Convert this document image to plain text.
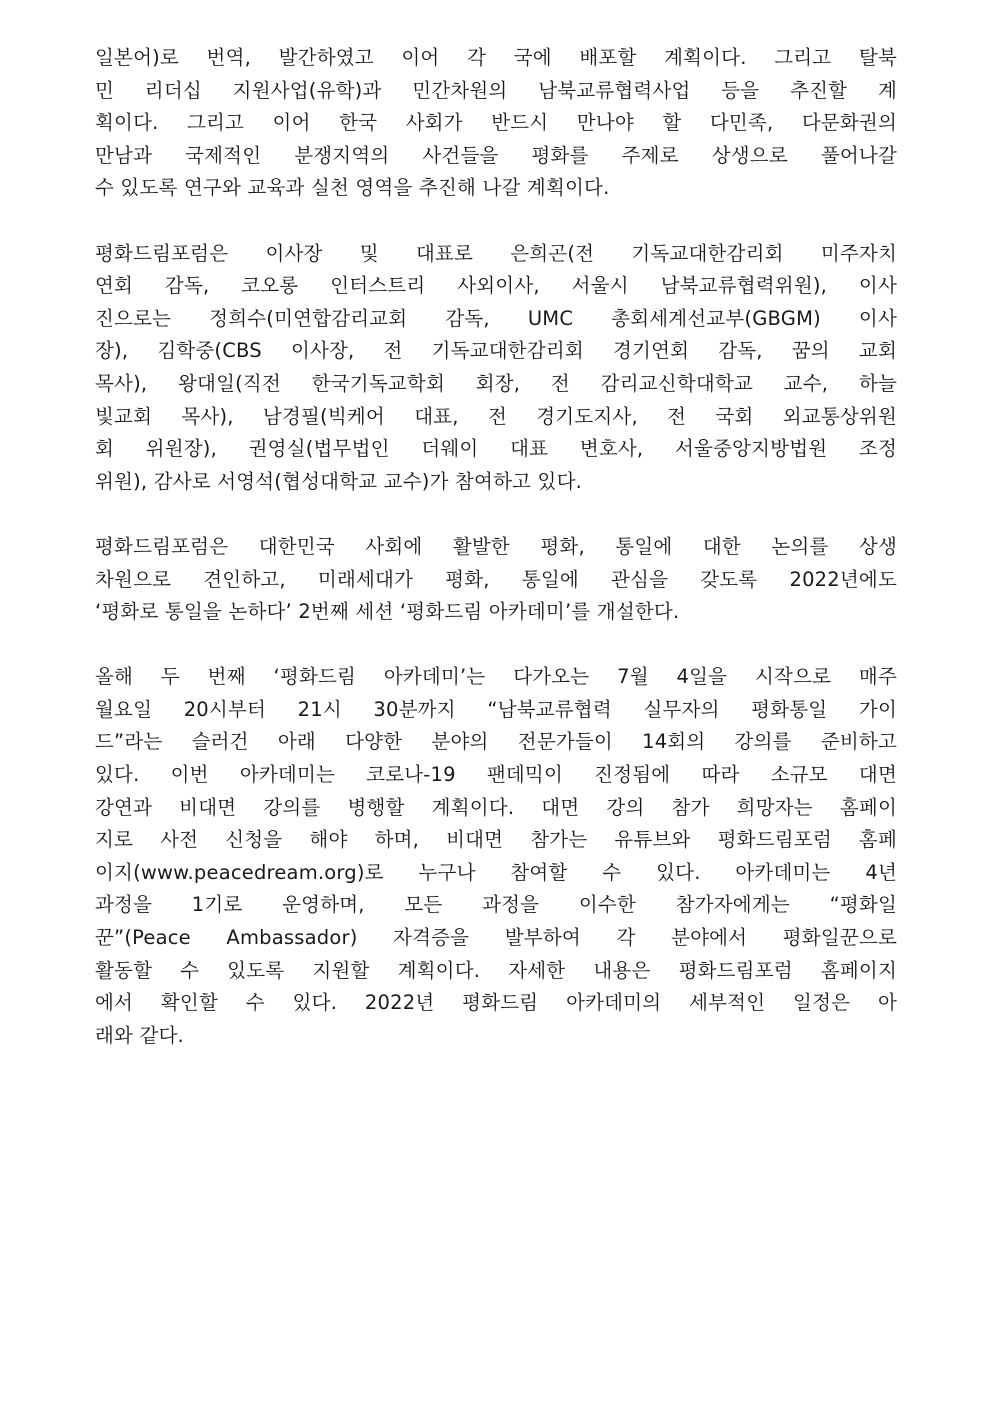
일본어)로 번역, 발간하였고 이어 각 국에 배포할 계획이다. 그리고 탈북
민 리더십 지원사업(유학)과 민간차원의 남북교류협력사업 등을 추진할 계
획이다. 그리고 이어 한국 사회가 반드시 만나야 할 다민족, 다문화권의
만남과 국제적인 분쟁지역의 사건들을 평화를 주제로 상생으로 풀어나갈
수 있도록 연구와 교육과 실천 영역을 추진해 나갈 계획이다.
평화드림포럼은 이사장 및 대표로 은희곤(전 기독교대한감리회 미주자치
연회 감독, 코오롱 인터스트리 사외이사, 서울시 남북교류협력위원), 이사
진으로는 정희수(미연합감리교회 감독, UMC 총회세계선교부(GBGM) 이사
장), 김학중(CBS 이사장, 전 기독교대한감리회 경기연회 감독, 꿈의 교회
목사), 왕대일(직전 한국기독교학회 회장, 전 감리교신학대학교 교수, 하늘
빛교회 목사), 남경필(빅케어 대표, 전 경기도지사, 전 국회 외교통상위원
회 위원장), 권영실(법무법인 더웨이 대표 변호사, 서울중앙지방법원 조정
위원), 감사로 서영석(협성대학교 교수)가 참여하고 있다.
평화드림포럼은 대한민국 사회에 활발한 평화, 통일에 대한 논의를 상생
차원으로 견인하고, 미래세대가 평화, 통일에 관심을 갖도록 2022년에도
‘평화로 통일을 논하다’ 2번째 세션 ‘평화드림 아카데미’를 개설한다.
올해 두 번째 ‘평화드림 아카데미’는 다가오는 7월 4일을 시작으로 매주
월요일 20시부터 21시 30분까지 “남북교류협력 실무자의 평화통일 가이
드”라는 슬러건 아래 다양한 분야의 전문가들이 14회의 강의를 준비하고
있다. 이번 아카데미는 코로나-19 팬데믹이 진정됨에 따라 소규모 대면
강연과 비대면 강의를 병행할 계획이다. 대면 강의 참가 희망자는 홈페이
지로 사전 신청을 해야 하며, 비대면 참가는 유튜브와 평화드림포럼 홈페
이지(www.peacedream.org)로 누구나 참여할 수 있다. 아카데미는 4년
과정을 1기로 운영하며, 모든 과정을 이수한 참가자에게는 “평화일
꾼”(Peace Ambassador) 자격증을 발부하여 각 분야에서 평화일꾼으로
활동할 수 있도록 지원할 계획이다. 자세한 내용은 평화드림포럼 홈페이지
에서 확인할 수 있다. 2022년 평화드림 아카데미의 세부적인 일정은 아
래와 같다.
